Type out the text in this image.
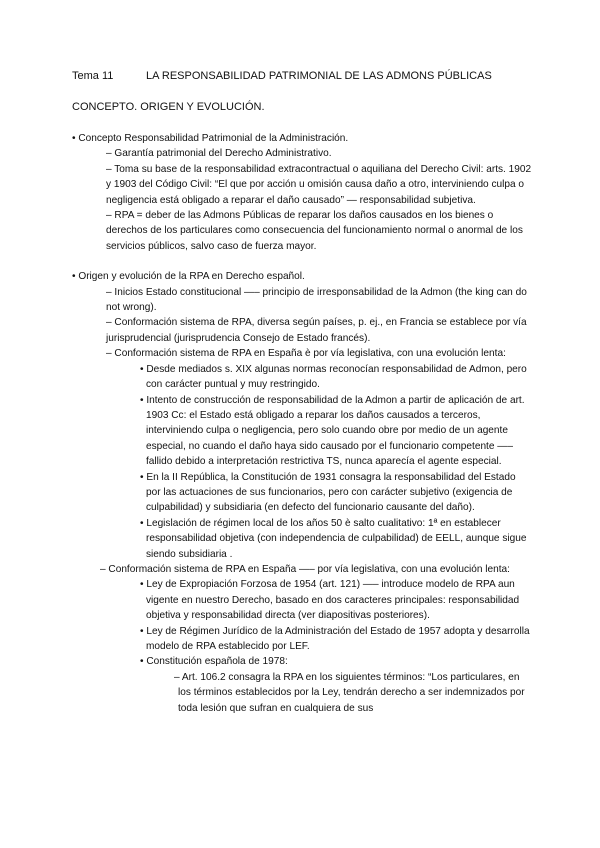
Tema 11	LA RESPONSABILIDAD PATRIMONIAL DE LAS ADMONS PÚBLICAS
CONCEPTO. ORIGEN Y EVOLUCIÓN.

• Concepto Responsabilidad Patrimonial de la Administración.

– Garantía patrimonial del Derecho Administrativo.

– Toma su base de la responsabilidad extracontractual o aquiliana del Derecho Civil: arts. 1902 y 1903 del Código Civil: “El que por acción u omisión causa daño a otro, interviniendo culpa o negligencia está obligado a reparar el daño causado” — responsabilidad subjetiva.

– RPA = deber de las Admons Públicas de reparar los daños causados en los bienes o derechos de los particulares como consecuencia del funcionamiento normal o anormal de los servicios públicos, salvo caso de fuerza mayor.

• Origen y evolución de la RPA en Derecho español.

– Inicios Estado constitucional —– principio de irresponsabilidad de la Admon (the king can do not wrong).

– Conformación sistema de RPA, diversa según países, p. ej., en Francia se establece por vía jurisprudencial (jurisprudencia Consejo de Estado francés).

– Conformación sistema de RPA en España è por vía legislativa, con una evolución lenta:

• Desde mediados s. XIX algunas normas reconocían responsabilidad de Admon, pero con carácter puntual y muy restringido.

• Intento de construcción de responsabilidad de la Admon a partir de aplicación de art. 1903 Cc: el Estado está obligado a reparar los daños causados a terceros, interviniendo culpa o negligencia, pero solo cuando obre por medio de un agente especial, no cuando el daño haya sido causado por el funcionario competente —– fallido debido a interpretación restrictiva TS, nunca aparecía el agente especial.

• En la II República, la Constitución de 1931 consagra la responsabilidad del Estado por las actuaciones de sus funcionarios, pero con carácter subjetivo (exigencia de culpabilidad) y subsidiaria (en defecto del funcionario causante del daño).

• Legislación de régimen local de los años 50 è salto cualitativo: 1ª en establecer responsabilidad objetiva (con independencia de culpabilidad) de EELL, aunque sigue siendo subsidiaria .

– Conformación sistema de RPA en España —– por vía legislativa, con una evolución lenta:

• Ley de Expropiación Forzosa de 1954 (art. 121) —– introduce modelo de RPA aun vigente en nuestro Derecho, basado en dos caracteres principales: responsabilidad objetiva y responsabilidad directa (ver diapositivas posteriores).

• Ley de Régimen Jurídico de la Administración del Estado de 1957 adopta y desarrolla modelo de RPA establecido por LEF.

• Constitución española de 1978:

– Art. 106.2 consagra la RPA en los siguientes términos: “Los particulares, en los términos establecidos por la Ley, tendrán derecho a ser indemnizados por toda lesión que sufran en cualquiera de sus
